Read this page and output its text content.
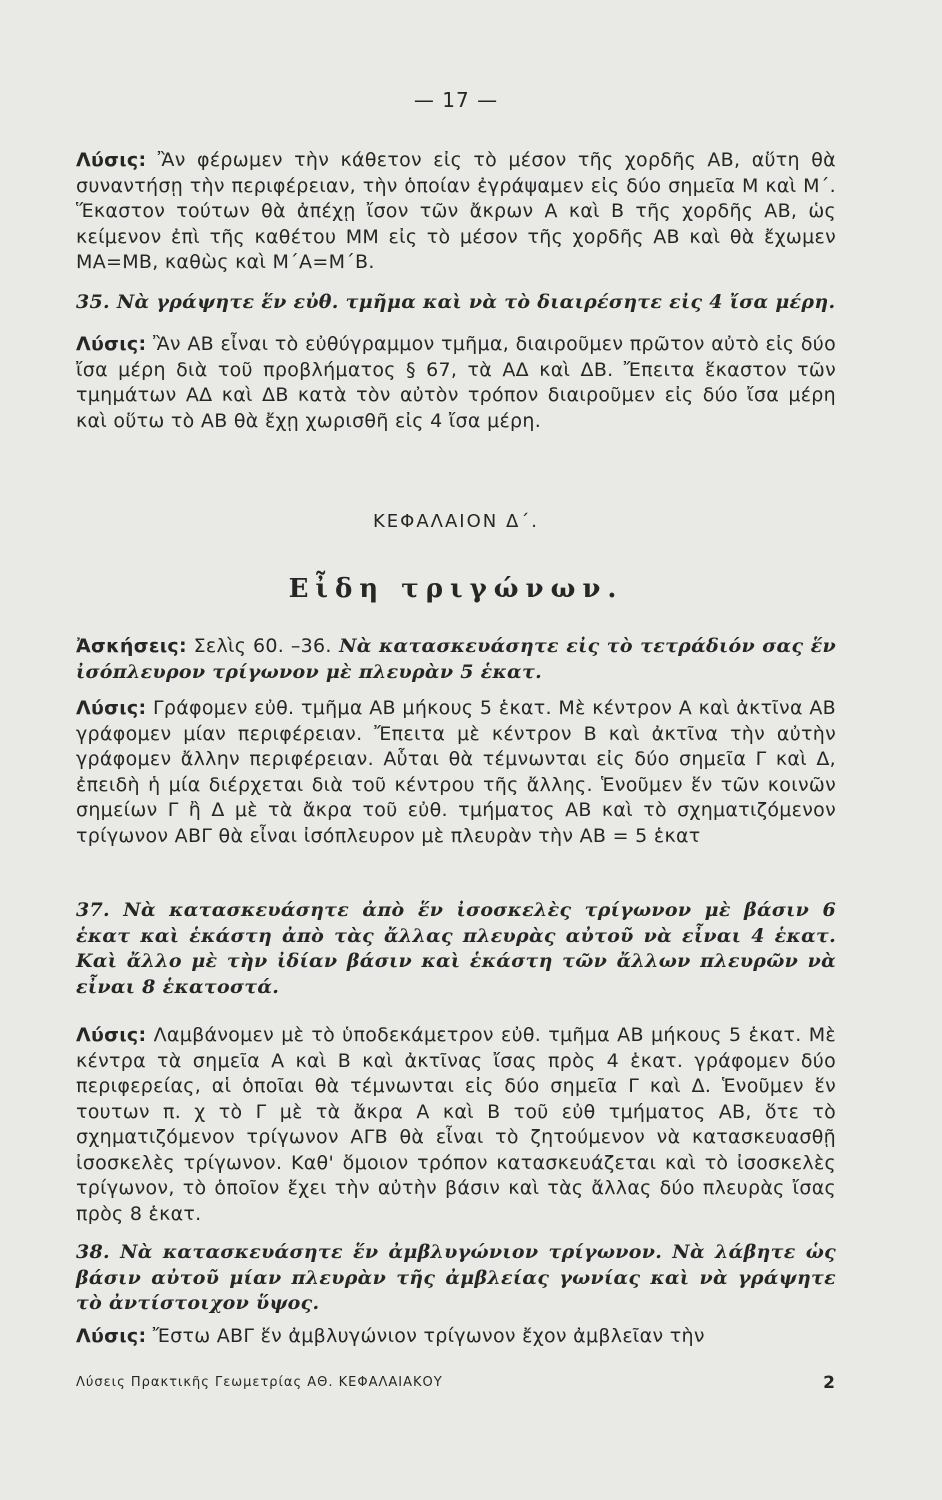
— 17 —
Λύσις: Ἂν φέρωμεν τὴν κάθετον εἰς τὸ μέσον τῆς χορδῆς ΑΒ, αὕτη θὰ συναντήσῃ τὴν περιφέρειαν, τὴν ὁποίαν ἐγράψαμεν εἰς δύο σημεῖα Μ καὶ Μ΄. Ἕκαστον τούτων θὰ ἀπέχῃ ἴσον τῶν ἄκρων Α καὶ Β τῆς χορδῆς ΑΒ, ὡς κείμενον ἐπὶ τῆς καθέτου ΜΜ εἰς τὸ μέσον τῆς χορδῆς ΑΒ καὶ θὰ ἔχωμεν ΜΑ=ΜΒ, καθὼς καὶ Μ΄Α=Μ΄Β.
35. Νὰ γράψητε ἕν εὐθ. τμῆμα καὶ νὰ τὸ διαιρέσητε εἰς 4 ἴσα μέρη.
Λύσις: Ἂν ΑΒ εἶναι τὸ εὐθύγραμμον τμῆμα, διαιροῦμεν πρῶτον αὐτὸ εἰς δύο ἴσα μέρη διὰ τοῦ προβλήματος § 67, τὰ ΑΔ καὶ ΔΒ. Ἔπειτα ἕκαστον τῶν τμημάτων ΑΔ καὶ ΔΒ κατὰ τὸν αὐτὸν τρόπον διαιροῦμεν εἰς δύο ἴσα μέρη καὶ οὕτω τὸ ΑΒ θὰ ἔχῃ χωρισθῆ εἰς 4 ἴσα μέρη.
ΚΕΦΑΛΑΙΟΝ Δ΄.
Εἶδη τριγώνων.
Ἀσκήσεις: Σελὶς 60. –36. Νὰ κατασκευάσητε εἰς τὸ τετράδιόν σας ἕν ἰσόπλευρον τρίγωνον μὲ πλευρὰν 5 ἑκατ.
Λύσις: Γράφομεν εὐθ. τμῆμα ΑΒ μήκους 5 ἑκατ. Μὲ κέντρον Α καὶ ἀκτῖνα ΑΒ γράφομεν μίαν περιφέρειαν. Ἔπειτα μὲ κέντρον Β καὶ ἀκτῖνα τὴν αὐτὴν γράφομεν ἄλλην περιφέρειαν. Αὗται θὰ τέμνωνται εἰς δύο σημεῖα Γ καὶ Δ, ἐπειδὴ ἡ μία διέρχεται διὰ τοῦ κέντρου τῆς ἄλλης. Ἑνοῦμεν ἕν τῶν κοινῶν σημείων Γ ἢ Δ μὲ τὰ ἄκρα τοῦ εὐθ. τμήματος ΑΒ καὶ τὸ σχηματιζόμενον τρίγωνον ΑΒΓ θὰ εἶναι ἰσόπλευρον μὲ πλευρὰν τὴν ΑΒ = 5 ἑκατ
37. Νὰ κατασκευάσητε ἀπὸ ἕν ἰσοσκελὲς τρίγωνον μὲ βάσιν 6 ἑκατ καὶ ἑκάστη ἀπὸ τὰς ἄλλας πλευρὰς αὐτοῦ νὰ εἶναι 4 ἑκατ. Καὶ ἄλλο μὲ τὴν ἰδίαν βάσιν καὶ ἑκάστη τῶν ἄλλων πλευρῶν νὰ εἶναι 8 ἑκατοστά.
Λύσις: Λαμβάνομεν μὲ τὸ ὑποδεκάμετρον εὐθ. τμῆμα ΑΒ μήκους 5 ἑκατ. Μὲ κέντρα τὰ σημεῖα Α καὶ Β καὶ ἀκτῖνας ἴσας πρὸς 4 ἑκατ. γράφομεν δύο περιφερείας, αἱ ὁποῖαι θὰ τέμνωνται εἰς δύο σημεῖα Γ καὶ Δ. Ἑνοῦμεν ἕν τουτων π. χ τὸ Γ μὲ τὰ ἄκρα Α καὶ Β τοῦ εὐθ τμήματος ΑΒ, ὅτε τὸ σχηματιζόμενον τρίγωνον ΑΓΒ θὰ εἶναι τὸ ζητούμενον νὰ κατασκευασθῇ ἰσοσκελὲς τρίγωνον. Καθ' ὅμοιον τρόπον κατασκευάζεται καὶ τὸ ἰσοσκελὲς τρίγωνον, τὸ ὁποῖον ἔχει τὴν αὐτὴν βάσιν καὶ τὰς ἄλλας δύο πλευρὰς ἴσας πρὸς 8 ἑκατ.
38. Νὰ κατασκευάσητε ἕν ἀμβλυγώνιον τρίγωνον. Νὰ λάβητε ὡς βάσιν αὐτοῦ μίαν πλευρὰν τῆς ἀμβλείας γωνίας καὶ νὰ γράψητε τὸ ἀντίστοιχον ὕψος.
Λύσις: Ἔστω ΑΒΓ ἕν ἀμβλυγώνιον τρίγωνον ἔχον ἀμβλεῖαν τὴν
Λύσεις Πρακτικῆς Γεωμετρίας ΑΘ. ΚΕΦΑΛΑΙΑΚΟΥ	2
